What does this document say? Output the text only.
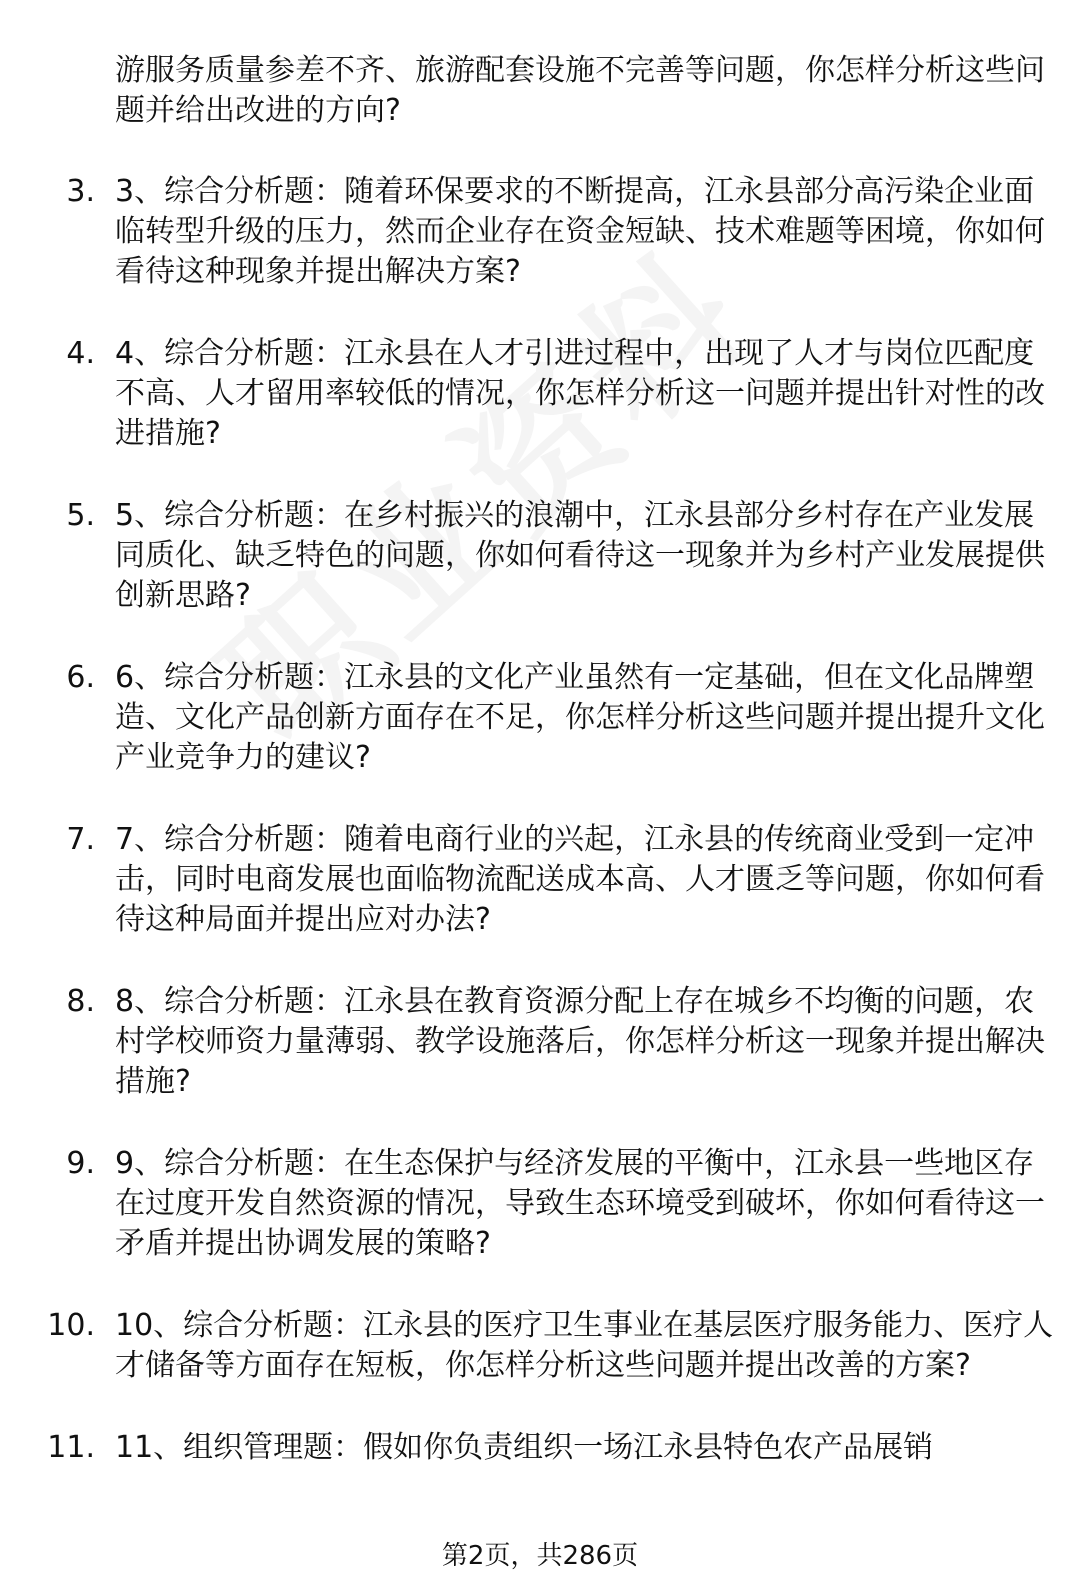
游服务质量参差不齐、旅游配套设施不完善等问题，你怎样分析这些问题并给出改进的方向?
3. 3、综合分析题：随着环保要求的不断提高，江永县部分高污染企业面临转型升级的压力，然而企业存在资金短缺、技术难题等困境，你如何看待这种现象并提出解决方案?
4. 4、综合分析题：江永县在人才引进过程中，出现了人才与岗位匹配度不高、人才留用率较低的情况，你怎样分析这一问题并提出针对性的改进措施?
5. 5、综合分析题：在乡村振兴的浪潮中，江永县部分乡村存在产业发展同质化、缺乏特色的问题，你如何看待这一现象并为乡村产业发展提供创新思路?
6. 6、综合分析题：江永县的文化产业虽然有一定基础，但在文化品牌塑造、文化产品创新方面存在不足，你怎样分析这些问题并提出提升文化产业竞争力的建议?
7. 7、综合分析题：随着电商行业的兴起，江永县的传统商业受到一定冲击，同时电商发展也面临物流配送成本高、人才匮乏等问题，你如何看待这种局面并提出应对办法?
8. 8、综合分析题：江永县在教育资源分配上存在城乡不均衡的问题，农村学校师资力量薄弱、教学设施落后，你怎样分析这一现象并提出解决措施?
9. 9、综合分析题：在生态保护与经济发展的平衡中，江永县一些地区存在过度开发自然资源的情况，导致生态环境受到破坏，你如何看待这一矛盾并提出协调发展的策略?
10. 10、综合分析题：江永县的医疗卫生事业在基层医疗服务能力、医疗人才储备等方面存在短板，你怎样分析这些问题并提出改善的方案?
11. 11、组织管理题：假如你负责组织一场江永县特色农产品展销
第2页，共286页
